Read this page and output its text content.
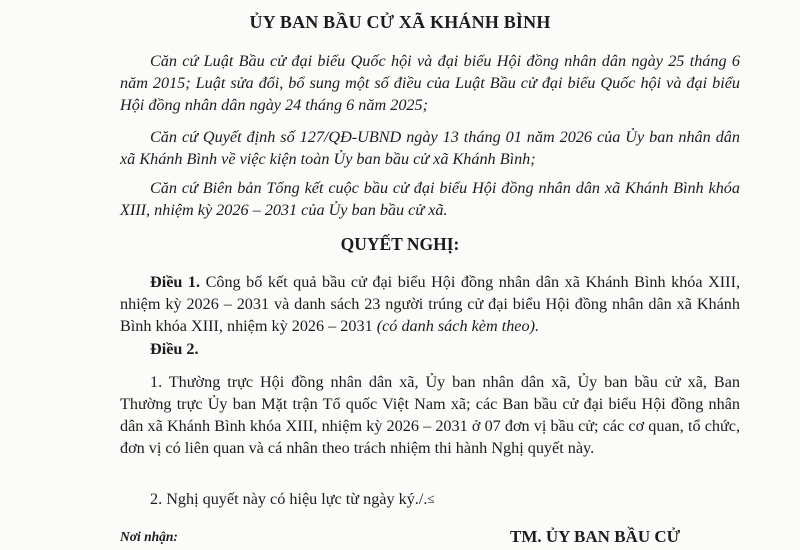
ỦY BAN BẦU CỬ XÃ KHÁNH BÌNH

Căn cứ Luật Bầu cử đại biểu Quốc hội và đại biểu Hội đồng nhân dân ngày 25 tháng 6 năm 2015; Luật sửa đổi, bổ sung một số điều của Luật Bầu cử đại biểu Quốc hội và đại biểu Hội đồng nhân dân ngày 24 tháng 6 năm 2025;

Căn cứ Quyết định số 127/QĐ-UBND ngày 13 tháng 01 năm 2026 của Ủy ban nhân dân xã Khánh Bình về việc kiện toàn Ủy ban bầu cử xã Khánh Bình;

Căn cứ Biên bản Tổng kết cuộc bầu cử đại biểu Hội đồng nhân dân xã Khánh Bình khóa XIII, nhiệm kỳ 2026 – 2031 của Ủy ban bầu cử xã.

QUYẾT NGHỊ:

Điều 1. Công bố kết quả bầu cử đại biểu Hội đồng nhân dân xã Khánh Bình khóa XIII, nhiệm kỳ 2026 – 2031 và danh sách 23 người trúng cử đại biểu Hội đồng nhân dân xã Khánh Bình khóa XIII, nhiệm kỳ 2026 – 2031 (có danh sách kèm theo).

Điều 2.

1. Thường trực Hội đồng nhân dân xã, Ủy ban nhân dân xã, Ủy ban bầu cử xã, Ban Thường trực Ủy ban Mặt trận Tổ quốc Việt Nam xã; các Ban bầu cử đại biểu Hội đồng nhân dân xã Khánh Bình khóa XIII, nhiệm kỳ 2026 – 2031 ở 07 đơn vị bầu cử; các cơ quan, tổ chức, đơn vị có liên quan và cá nhân theo trách nhiệm thi hành Nghị quyết này.

2. Nghị quyết này có hiệu lực từ ngày ký./.≤

Nơi nhận:	TM. ỦY BAN BẦU CỬ
